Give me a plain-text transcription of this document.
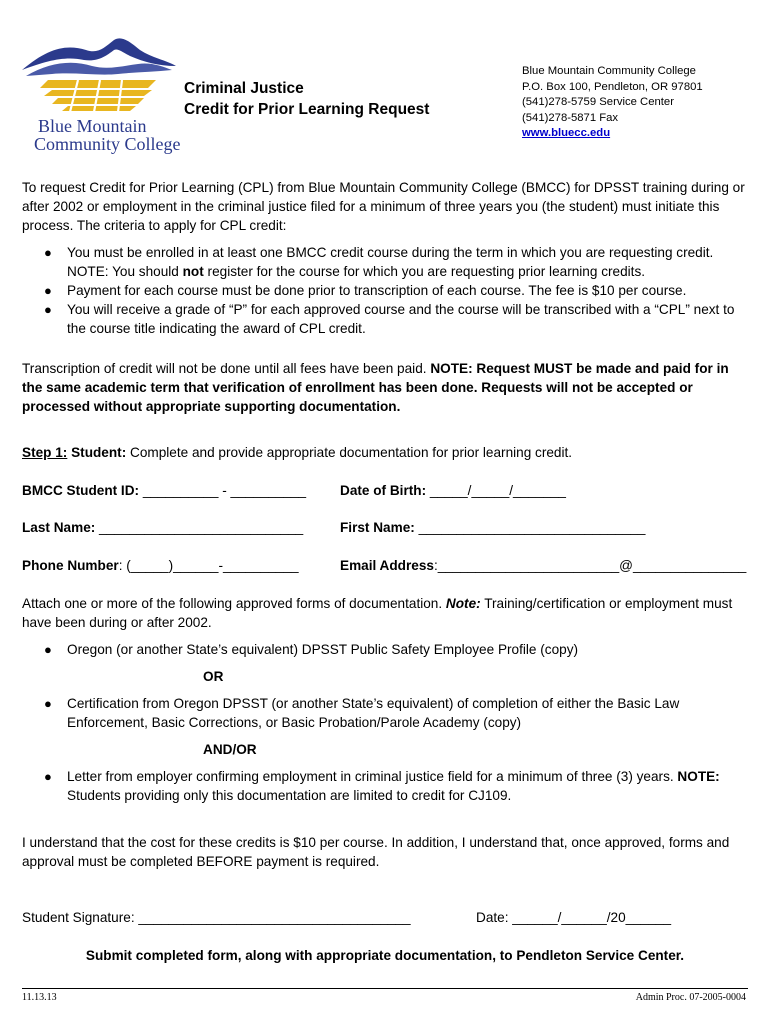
Blue Mountain
Community College
Criminal Justice
Credit for Prior Learning Request
Blue Mountain Community College
P.O. Box 100, Pendleton, OR 97801
(541)278-5759 Service Center
(541)278-5871 Fax
www.bluecc.edu
To request Credit for Prior Learning (CPL) from Blue Mountain Community College (BMCC) for DPSST training during or after 2002 or employment in the criminal justice filed for a minimum of three years you (the student) must initiate this process. The criteria to apply for CPL credit:
● You must be enrolled in at least one BMCC credit course during the term in which you are requesting credit.
NOTE: You should not register for the course for which you are requesting prior learning credits.
● Payment for each course must be done prior to transcription of each course. The fee is $10 per course.
● You will receive a grade of “P” for each approved course and the course will be transcribed with a “CPL” next to the course title indicating the award of CPL credit.
Transcription of credit will not be done until all fees have been paid. NOTE: Request MUST be made and paid for in the same academic term that verification of enrollment has been done. Requests will not be accepted or processed without appropriate supporting documentation.
Step 1: Student: Complete and provide appropriate documentation for prior learning credit.
BMCC Student ID: __________ - __________ Date of Birth: _____/_____/_______
Last Name: ___________________________	First Name: ______________________________
Phone Number: (_____)______-__________	Email Address:________________________@_______________
Attach one or more of the following approved forms of documentation. Note: Training/certification or employment must have been during or after 2002.
● Oregon (or another State’s equivalent) DPSST Public Safety Employee Profile (copy)
OR
● Certification from Oregon DPSST (or another State’s equivalent) of completion of either the Basic Law Enforcement, Basic Corrections, or Basic Probation/Parole Academy (copy)
AND/OR
● Letter from employer confirming employment in criminal justice field for a minimum of three (3) years. NOTE: Students providing only this documentation are limited to credit for CJ109.
I understand that the cost for these credits is $10 per course. In addition, I understand that, once approved, forms and approval must be completed BEFORE payment is required.
Student Signature: ____________________________________	Date: ______/______/20______
Submit completed form, along with appropriate documentation, to Pendleton Service Center.
11.13.13	Admin Proc. 07-2005-0004
